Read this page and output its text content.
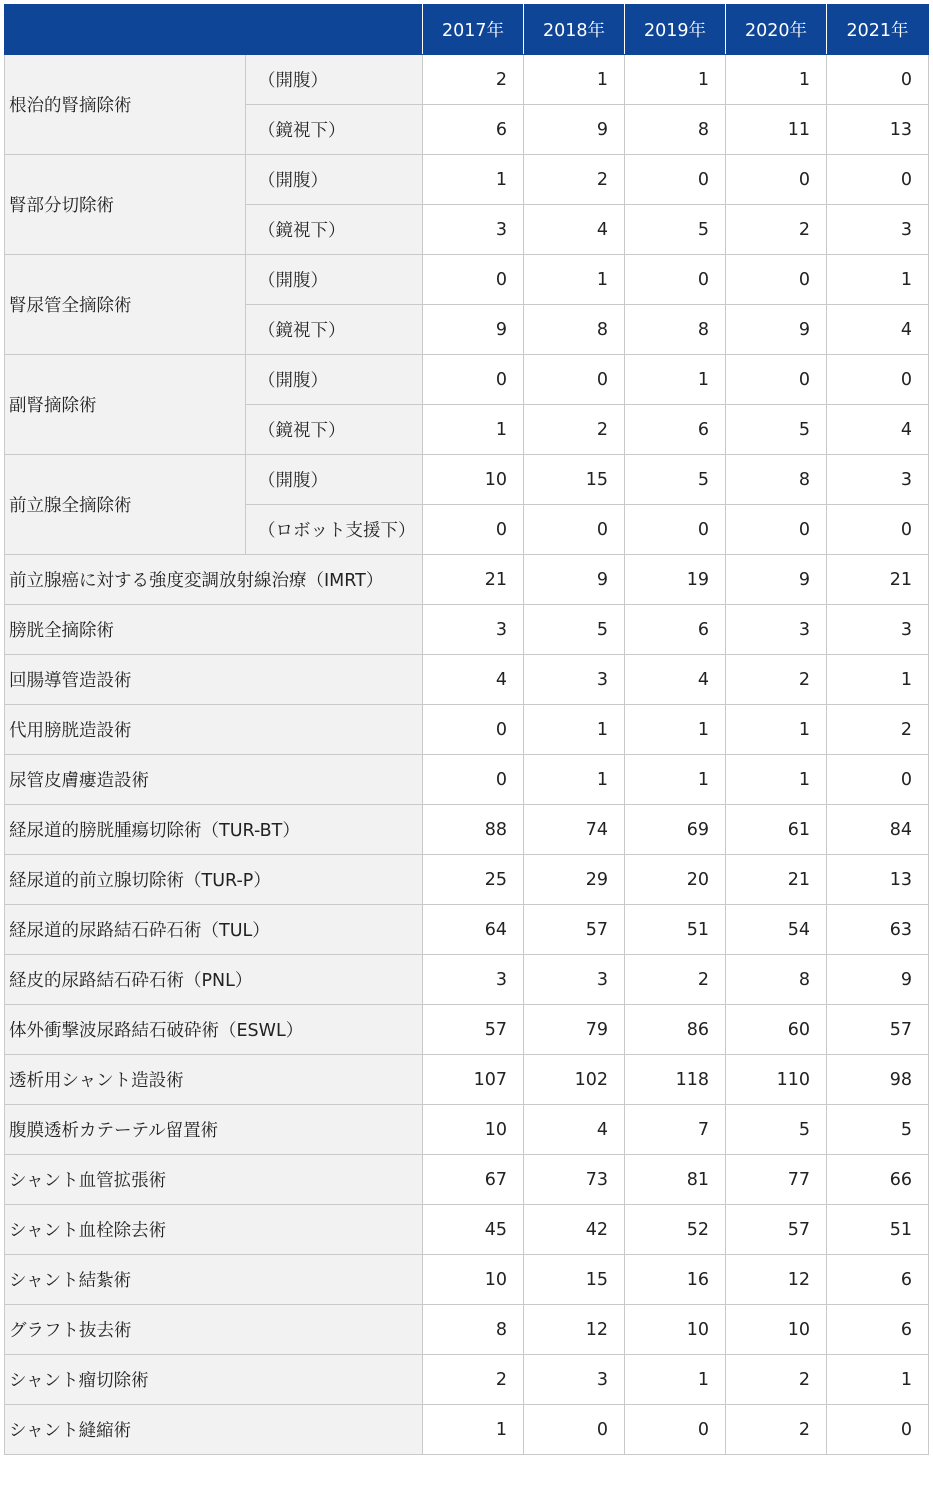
		2017年	2018年	2019年	2020年	2021年
根治的腎摘除術	（開腹）	2	1	1	1	0
	（鏡視下）	6	9	8	11	13
腎部分切除術	（開腹）	1	2	0	0	0
	（鏡視下）	3	4	5	2	3
腎尿管全摘除術	（開腹）	0	1	0	0	1
	（鏡視下）	9	8	8	9	4
副腎摘除術	（開腹）	0	0	1	0	0
	（鏡視下）	1	2	6	5	4
前立腺全摘除術	（開腹）	10	15	5	8	3
	（ロボット支援下）	0	0	0	0	0
前立腺癌に対する強度変調放射線治療（IMRT）		21	9	19	9	21
膀胱全摘除術		3	5	6	3	3
回腸導管造設術		4	3	4	2	1
代用膀胱造設術		0	1	1	1	2
尿管皮膚瘻造設術		0	1	1	1	0
経尿道的膀胱腫瘍切除術（TUR-BT）		88	74	69	61	84
経尿道的前立腺切除術（TUR-P）		25	29	20	21	13
経尿道的尿路結石砕石術（TUL）		64	57	51	54	63
経皮的尿路結石砕石術（PNL）		3	3	2	8	9
体外衝撃波尿路結石破砕術（ESWL）		57	79	86	60	57
透析用シャント造設術		107	102	118	110	98
腹膜透析カテーテル留置術		10	4	7	5	5
シャント血管拡張術		67	73	81	77	66
シャント血栓除去術		45	42	52	57	51
シャント結紮術		10	15	16	12	6
グラフト抜去術		8	12	10	10	6
シャント瘤切除術		2	3	1	2	1
シャント縫縮術		1	0	0	2	0
